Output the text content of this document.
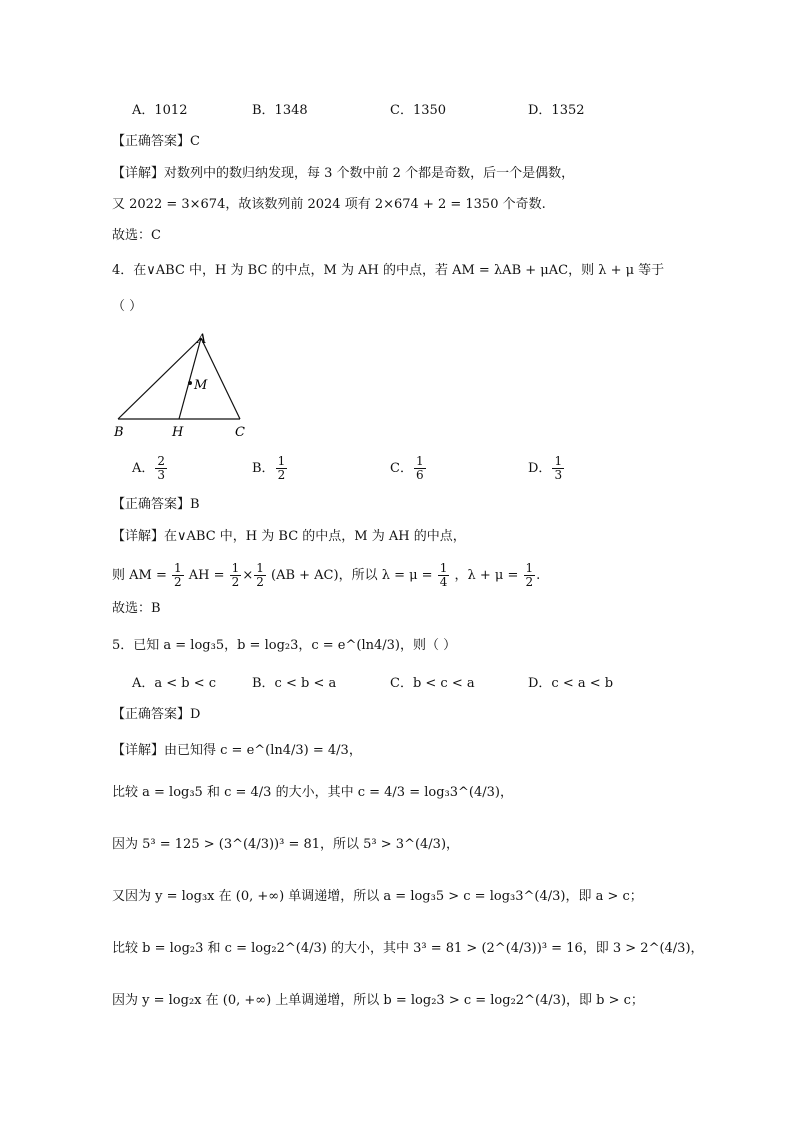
A．1012	B．1348	C．1350	D．1352
【正确答案】C
【详解】对数列中的数归纳发现，每 3 个数中前 2 个都是奇数，后一个是偶数，
又 2022 = 3×674，故该数列前 2024 项有 2×674 + 2 = 1350 个奇数.
故选：C
4．在∨ABC 中，H 为 BC 的中点，M 为 AH 的中点，若 AM = λAB + μAC，则 λ + μ 等于
（ ）
A
M
B	H	C
A． $\frac{2}{3}$	B． $\frac{1}{2}$	C． $\frac{1}{6}$	D． $\frac{1}{3}$
【正确答案】B
【详解】在∨ABC 中，H 为 BC 的中点，M 为 AH 的中点，
则 AM = $\frac{1}{2}$ AH = $\frac{1}{2} \times \frac{1}{2} (AB + AC)$，所以 $\lambda = \mu = \frac{1}{4}$ ，$\lambda + \mu = \frac{1}{2}$ .
故选：B
5．已知 a = log₃5，b = log₂3，c = e^(ln4/3)，则（ ）
A．a < b < c	B．c < b < a	C．b < c < a	D．c < a < b
【正确答案】D
【详解】由已知得 c = e^(ln4/3) = 4/3，
比较 a = log₃5 和 c = 4/3 的大小，其中 c = 4/3 = log₃3^(4/3)，
因为 5³ = 125 > (3^(4/3))³ = 81，所以 5³ > 3^(4/3)，
又因为 y = log₃x 在 (0, +∞) 单调递增，所以 a = log₃5 > c = log₃3^(4/3)，即 a > c；
比较 b = log₂3 和 c = log₂2^(4/3) 的大小，其中 3³ = 81 > (2^(4/3))³ = 16，即 3 > 2^(4/3)，
因为 y = log₂x 在 (0, +∞) 上单调递增，所以 b = log₂3 > c = log₂2^(4/3)，即 b > c；
